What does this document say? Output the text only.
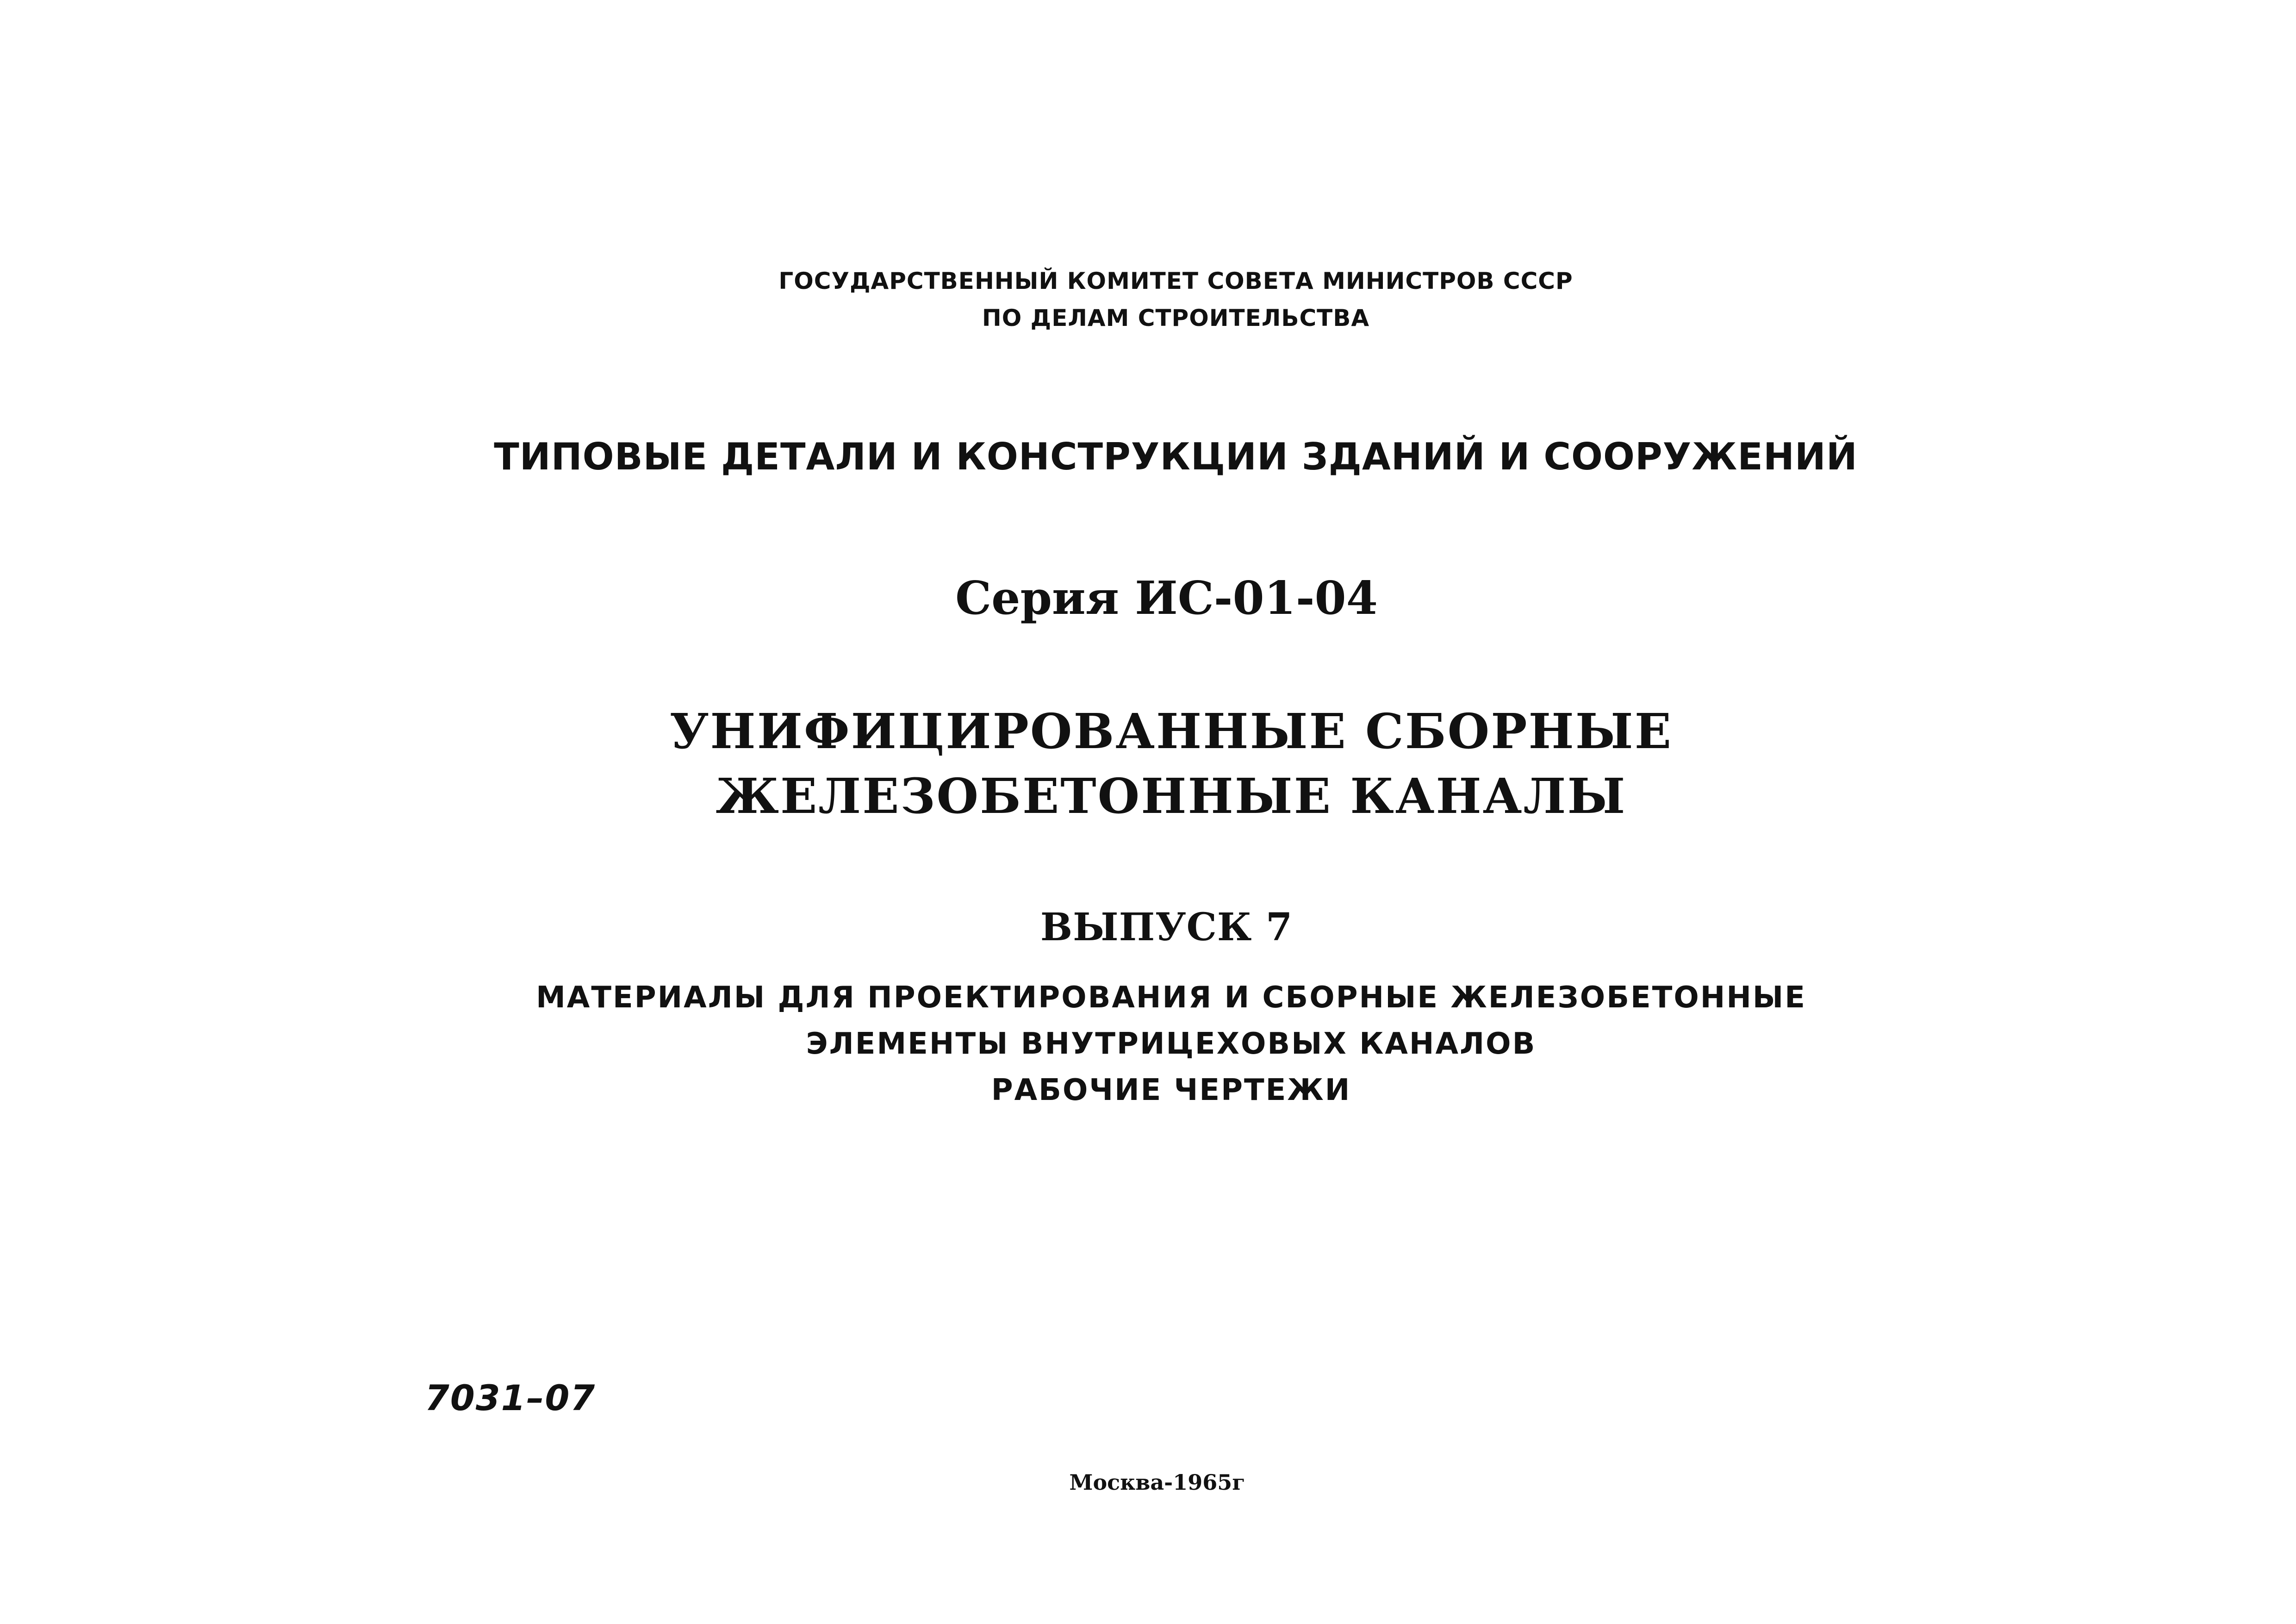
ГОСУДАРСТВЕННЫЙ КОМИТЕТ СОВЕТА МИНИСТРОВ СССР
ПО ДЕЛАМ СТРОИТЕЛЬСТВА
ТИПОВЫЕ ДЕТАЛИ И КОНСТРУКЦИИ ЗДАНИЙ И СООРУЖЕНИЙ
Серия ИС-01-04
УНИФИЦИРОВАННЫЕ СБОРНЫЕ
ЖЕЛЕЗОБЕТОННЫЕ КАНАЛЫ
ВЫПУСК 7
МАТЕРИАЛЫ ДЛЯ ПРОЕКТИРОВАНИЯ И СБОРНЫЕ ЖЕЛЕЗОБЕТОННЫЕ
ЭЛЕМЕНТЫ ВНУТРИЦЕХОВЫХ КАНАЛОВ
РАБОЧИЕ ЧЕРТЕЖИ
7031–07
Москва-1965г
